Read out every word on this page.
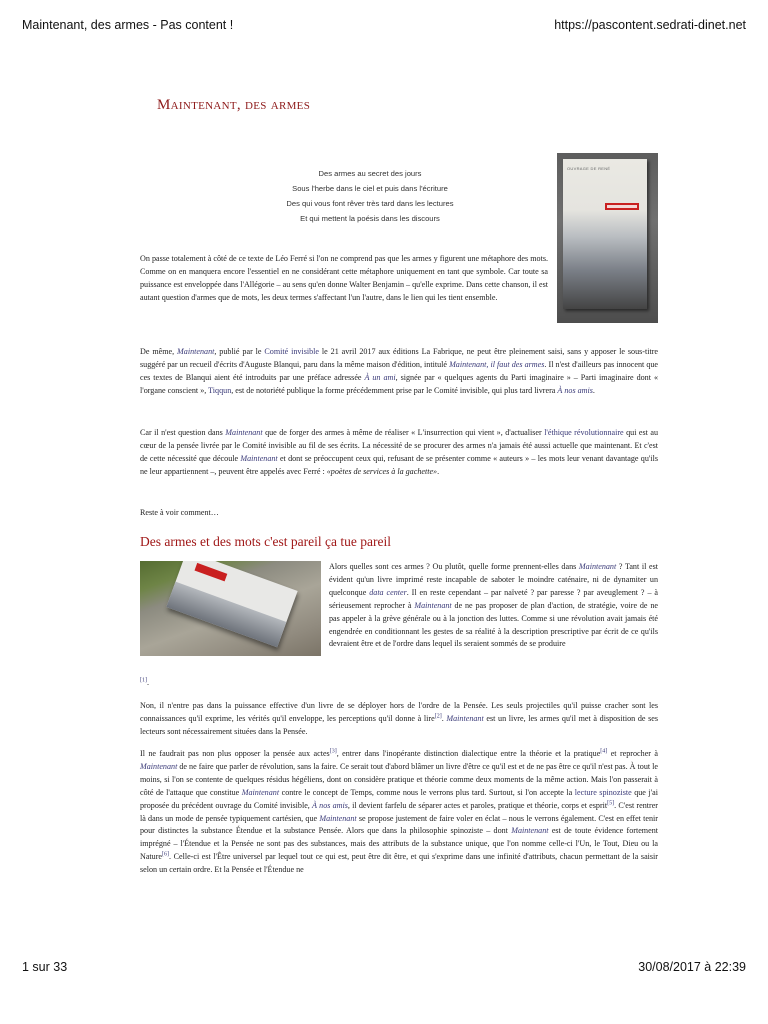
Maintenant, des armes - Pas content !	https://pascontent.sedrati-dinet.net
Maintenant, des armes
Des armes au secret des jours
Sous l'herbe dans le ciel et puis dans l'écriture
Des qui vous font rêver très tard dans les lectures
Et qui mettent la poésis dans les discours
OUVRAGE DE RENÉ

On passe totalement à côté de ce texte de Léo Ferré si l'on ne comprend pas que les armes y figurent une métaphore des mots. Comme on en manquera encore l'essentiel en ne considérant cette métaphore uniquement en tant que symbole. Car toute sa puissance est enveloppée dans l'Allégorie – au sens qu'en donne Walter Benjamin – qu'elle exprime. Dans cette chanson, il est autant question d'armes que de mots, les deux termes s'affectant l'un l'autre, dans le lien qui les tient ensemble.

De même, Maintenant, publié par le Comité invisible le 21 avril 2017 aux éditions La Fabrique, ne peut être pleinement saisi, sans y apposer le sous-titre suggéré par un recueil d'écrits d'Auguste Blanqui, paru dans la même maison d'édition, intitulé Maintenant, il faut des armes. Il n'est d'ailleurs pas innocent que ces textes de Blanqui aient été introduits par une préface adressée À un ami, signée par « quelques agents du Parti imaginaire » – Parti imaginaire dont « l'organe conscient », Tiqqun, est de notoriété publique la forme précédemment prise par le Comité invisible, qui plus tard livrera À nos amis.

Car il n'est question dans Maintenant que de forger des armes à même de réaliser « L'insurrection qui vient », d'actualiser l'éthique révolutionnaire qui est au cœur de la pensée livrée par le Comité invisible au fil de ses écrits. La nécessité de se procurer des armes n'a jamais été aussi actuelle que maintenant. Et c'est de cette nécessité que découle Maintenant et dont se préoccupent ceux qui, refusant de se présenter comme « auteurs » – les mots leur venant davantage qu'ils ne leur appartiennent –, peuvent être appelés avec Ferré : «poètes de services à la gachette».

Reste à voir comment…

Des armes et des mots c'est pareil ça tue pareil

Alors quelles sont ces armes ? Ou plutôt, quelle forme prennent-elles dans Maintenant ? Tant il est évident qu'un livre imprimé reste incapable de saboter le moindre caténaire, ni de dynamiter un quelconque data center. Il en reste cependant – par naïveté ? par paresse ? par aveuglement ? – à sérieusement reprocher à Maintenant de ne pas proposer de plan d'action, de stratégie, voire de ne pas appeler à la grève générale ou à la jonction des luttes. Comme si une révolution avait jamais été engendrée en conditionnant les gestes de sa réalité à la description prescriptive par écrit de ce qu'ils devraient être et de l'ordre dans lequel ils seraient sommés de se produire

[1].

Non, il n'entre pas dans la puissance effective d'un livre de se déployer hors de l'ordre de la Pensée. Les seuls projectiles qu'il puisse cracher sont les connaissances qu'il exprime, les vérités qu'il enveloppe, les perceptions qu'il donne à lire[2]. Maintenant est un livre, les armes qu'il met à disposition de ses lecteurs sont nécessairement situées dans la Pensée.

Il ne faudrait pas non plus opposer la pensée aux actes[3], entrer dans l'inopérante distinction dialectique entre la théorie et la pratique[4] et reprocher à Maintenant de ne faire que parler de révolution, sans la faire. Ce serait tout d'abord blâmer un livre d'être ce qu'il est et de ne pas être ce qu'il n'est pas. À tout le moins, si l'on se contente de quelques résidus hégéliens, dont on considère pratique et théorie comme deux moments de la même action. Mais l'on passerait à côté de l'attaque que constitue Maintenant contre le concept de Temps, comme nous le verrons plus tard. Surtout, si l'on accepte la lecture spinoziste que j'ai proposée du précédent ouvrage du Comité invisible, À nos amis, il devient farfelu de séparer actes et paroles, pratique et théorie, corps et esprit[5]. C'est rentrer là dans un mode de pensée typiquement cartésien, que Maintenant se propose justement de faire voler en éclat – nous le verrons également. C'est en effet tenir pour distinctes la substance Étendue et la substance Pensée. Alors que dans la philosophie spinoziste – dont Maintenant est de toute évidence fortement imprégné – l'Étendue et la Pensée ne sont pas des substances, mais des attributs de la substance unique, que l'on nomme celle-ci l'Un, le Tout, Dieu ou la Nature[6]. Celle-ci est l'Être universel par lequel tout ce qui est, peut être dit être, et qui s'exprime dans une infinité d'attributs, chacun permettant de la saisir selon un certain ordre. Et la Pensée et l'Étendue ne

1 sur 33	30/08/2017 à 22:39
